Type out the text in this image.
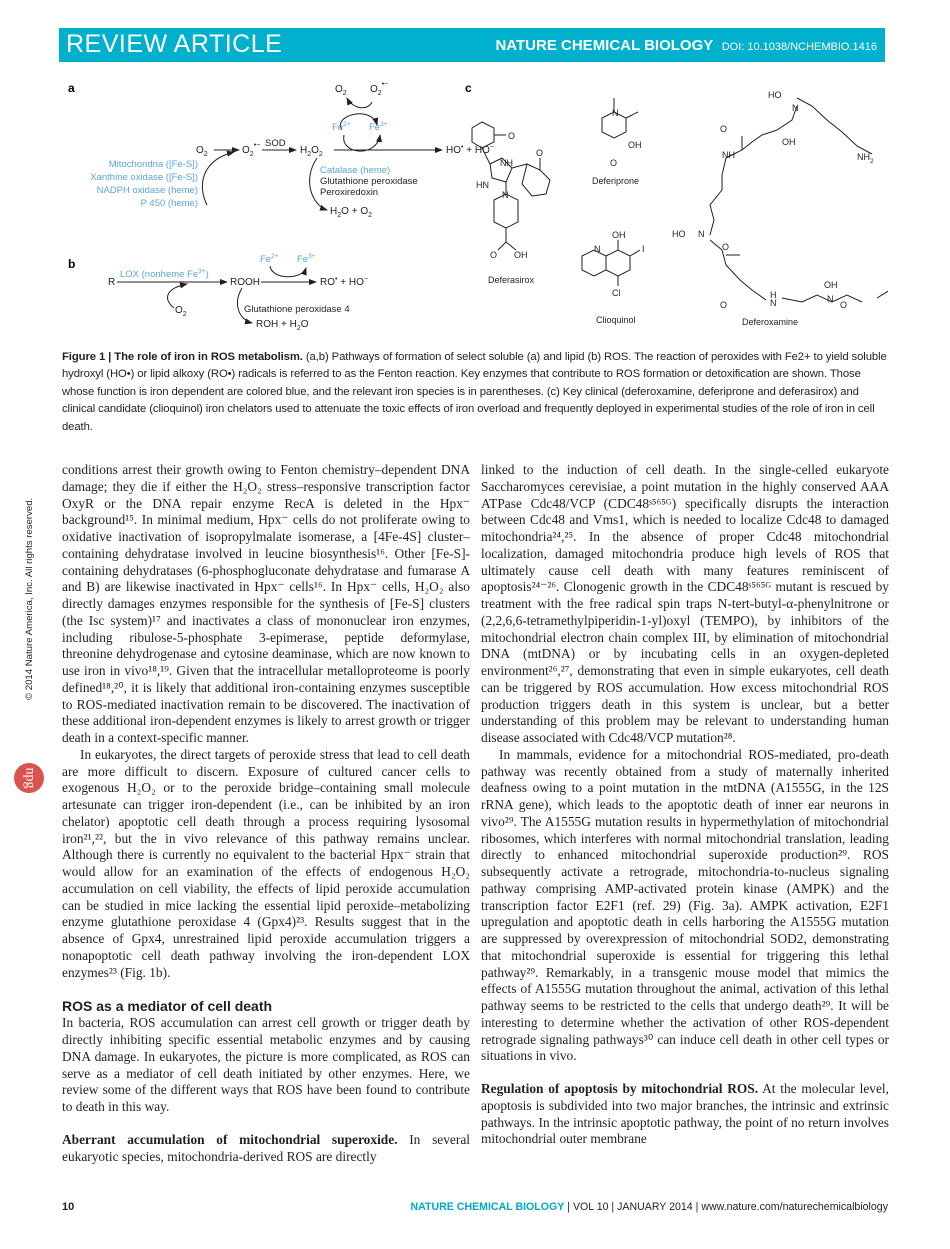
REVIEW ARTICLE	NATURE CHEMICAL BIOLOGY DOI: 10.1038/NCHEMBIO.1416
a	$O_2$ $O_2^{•-}$
$Fe^{2+}$ $Fe^{3+}$
$O_2$	$O_2^{•-}$ SOD
$H_2O_2$	HO• + HO−
Mitochondria ([Fe-S])
Xanthine oxidase ([Fe-S])
NADPH oxidase (heme)
P 450 (heme)
Catalase (heme)
Glutathione peroxidase
Peroxiredoxin
$H_2O + O_2$
b
R
LOX (nonheme $Fe^{3+}$)
$O_2$
ROOH
$Fe^{2+}$ $Fe^{3+}$
RO• + HO−
Glutathione peroxidase 4
ROH + $H_2O$
c
O
O
NH
HN
N
O OH
Deferasirox
N
OH
O
Deferiprone
N
OH
I
Cl
Clioquinol
HO
N
O
OH
NH	$NH_2$
HO N
O
H
N
O
OH
N
O
Deferoxamine
Figure 1 | The role of iron in ROS metabolism. (a,b) Pathways of formation of select soluble (a) and lipid (b) ROS. The reaction of peroxides with Fe2+ to yield soluble hydroxyl (HO•) or lipid alkoxy (RO•) radicals is referred to as the Fenton reaction. Key enzymes that contribute to ROS formation or detoxification are shown. Those whose function is iron dependent are colored blue, and the relevant iron species is in parentheses. (c) Key clinical (deferoxamine, deferiprone and deferasirox) and clinical candidate (clioquinol) iron chelators used to attenuate the toxic effects of iron overload and frequently deployed in experimental studies of the role of iron in cell death.
© 2014 Nature America, Inc. All rights reserved.
npg

conditions arrest their growth owing to Fenton chemistry–dependent DNA damage; they die if either the H₂O₂ stress–responsive transcription factor OxyR or the DNA repair enzyme RecA is deleted in the Hpx⁻ background¹⁵. In minimal medium, Hpx⁻ cells do not proliferate owing to oxidative inactivation of isopropylmalate isomerase, a [4Fe-4S] cluster–containing dehydratase involved in leucine biosynthesis¹⁶. Other [Fe-S]-containing dehydratases (6-phosphogluconate dehydratase and fumarase A and B) are likewise inactivated in Hpx⁻ cells¹⁶. In Hpx⁻ cells, H₂O₂ also directly damages enzymes responsible for the synthesis of [Fe-S] clusters (the Isc system)¹⁷ and inactivates a class of mononuclear iron enzymes, including ribulose-5-phosphate 3-epimerase, peptide deformylase, threonine dehydrogenase and cytosine deaminase, which are now known to use iron in vivo¹⁸,¹⁹. Given that the intracellular metalloproteome is poorly defined¹⁸,²⁰, it is likely that additional iron-containing enzymes susceptible to ROS-mediated inactivation remain to be discovered. The inactivation of these additional iron-dependent enzymes is likely to arrest growth or trigger death in a context-specific manner.

In eukaryotes, the direct targets of peroxide stress that lead to cell death are more difficult to discern. Exposure of cultured cancer cells to exogenous H₂O₂ or to the peroxide bridge–containing small molecule artesunate can trigger iron-dependent (i.e., can be inhibited by an iron chelator) apoptotic cell death through a process requiring lysosomal iron²¹,²², but the in vivo relevance of this pathway remains unclear. Although there is currently no equivalent to the bacterial Hpx⁻ strain that would allow for an examination of the effects of endogenous H₂O₂ accumulation on cell viability, the effects of lipid peroxide accumulation can be studied in mice lacking the essential lipid peroxide–metabolizing enzyme glutathione peroxidase 4 (Gpx4)²³. Results suggest that in the absence of Gpx4, unrestrained lipid peroxide accumulation triggers a nonapoptotic cell death pathway involving the iron-dependent LOX enzymes²³ (Fig. 1b).

ROS as a mediator of cell death

In bacteria, ROS accumulation can arrest cell growth or trigger death by directly inhibiting specific essential metabolic enzymes and by causing DNA damage. In eukaryotes, the picture is more complicated, as ROS can serve as a mediator of cell death initiated by other enzymes. Here, we review some of the different ways that ROS have been found to contribute to death in this way.

Aberrant accumulation of mitochondrial superoxide. In several eukaryotic species, mitochondria-derived ROS are directly

linked to the induction of cell death. In the single-celled eukaryote Saccharomyces cerevisiae, a point mutation in the highly conserved AAA ATPase Cdc48/VCP (CDC48ˢ⁵⁶⁵ᴳ) specifically disrupts the interaction between Cdc48 and Vms1, which is needed to localize Cdc48 to damaged mitochondria²⁴,²⁵. In the absence of proper Cdc48 mitochondrial localization, damaged mitochondria produce high levels of ROS that ultimately cause cell death with many features reminiscent of apoptosis²⁴⁻²⁶. Clonogenic growth in the CDC48ˢ⁵⁶⁵ᴳ mutant is rescued by treatment with the free radical spin traps N-tert-butyl-α-phenylnitrone or (2,2,6,6-tetramethylpiperidin-1-yl)oxyl (TEMPO), by inhibitors of the mitochondrial electron chain complex III, by elimination of mitochondrial DNA (mtDNA) or by incubating cells in an oxygen-depleted environment²⁶,²⁷, demonstrating that even in simple eukaryotes, cell death can be triggered by ROS accumulation. How excess mitochondrial ROS production triggers death in this system is unclear, but a better understanding of this problem may be relevant to understanding human disease associated with Cdc48/VCP mutation²⁸.

In mammals, evidence for a mitochondrial ROS-mediated, pro-death pathway was recently obtained from a study of maternally inherited deafness owing to a point mutation in the mtDNA (A1555G, in the 12S rRNA gene), which leads to the apoptotic death of inner ear neurons in vivo²⁹. The A1555G mutation results in hypermethylation of mitochondrial ribosomes, which interferes with normal mitochondrial translation, leading directly to enhanced mitochondrial superoxide production²⁹. ROS subsequently activate a retrograde, mitochondria-to-nucleus signaling pathway comprising AMP-activated protein kinase (AMPK) and the transcription factor E2F1 (ref. 29) (Fig. 3a). AMPK activation, E2F1 upregulation and apoptotic death in cells harboring the A1555G mutation are suppressed by overexpression of mitochondrial SOD2, demonstrating that mitochondrial superoxide is essential for triggering this lethal pathway²⁹. Remarkably, in a transgenic mouse model that mimics the effects of A1555G mutation throughout the animal, activation of this lethal pathway seems to be restricted to the cells that undergo death²⁹. It will be interesting to determine whether the activation of other ROS-dependent retrograde signaling pathways³⁰ can induce cell death in other cell types or situations in vivo.

Regulation of apoptosis by mitochondrial ROS. At the molecular level, apoptosis is subdivided into two major branches, the intrinsic and extrinsic pathways. In the intrinsic apoptotic pathway, the point of no return involves mitochondrial outer membrane

10	NATURE CHEMICAL BIOLOGY | VOL 10 | JANUARY 2014 | www.nature.com/naturechemicalbiology
